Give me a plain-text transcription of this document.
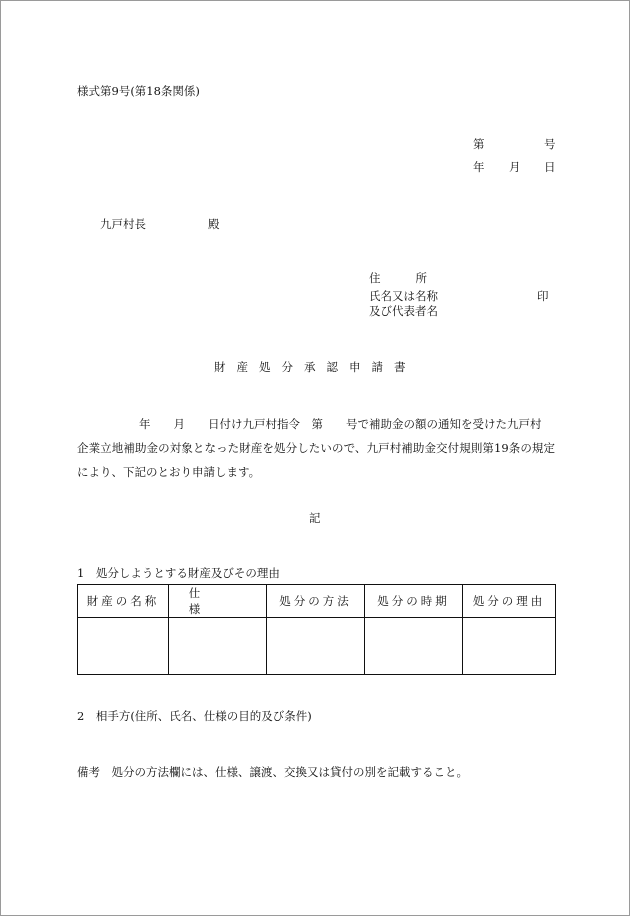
様式第9号(第18条関係)
第	号
年 月 日
九戸村長	殿
住所
氏名又は名称	印
及び代表者名
財産処分承認申請書
年　　月　　日付け九戸村指令　第　　号で補助金の額の通知を受けた九戸村
企業立地補助金の対象となった財産を処分したいので、九戸村補助金交付規則第19条の規定により、下記のとおり申請します。
記
1　処分しようとする財産及びその理由
財産の名称	仕様	処分の方法	処分の時期	処分の理由

2　相手方(住所、氏名、仕様の目的及び条件)
備考　処分の方法欄には、仕様、譲渡、交換又は貸付の別を記載すること。
